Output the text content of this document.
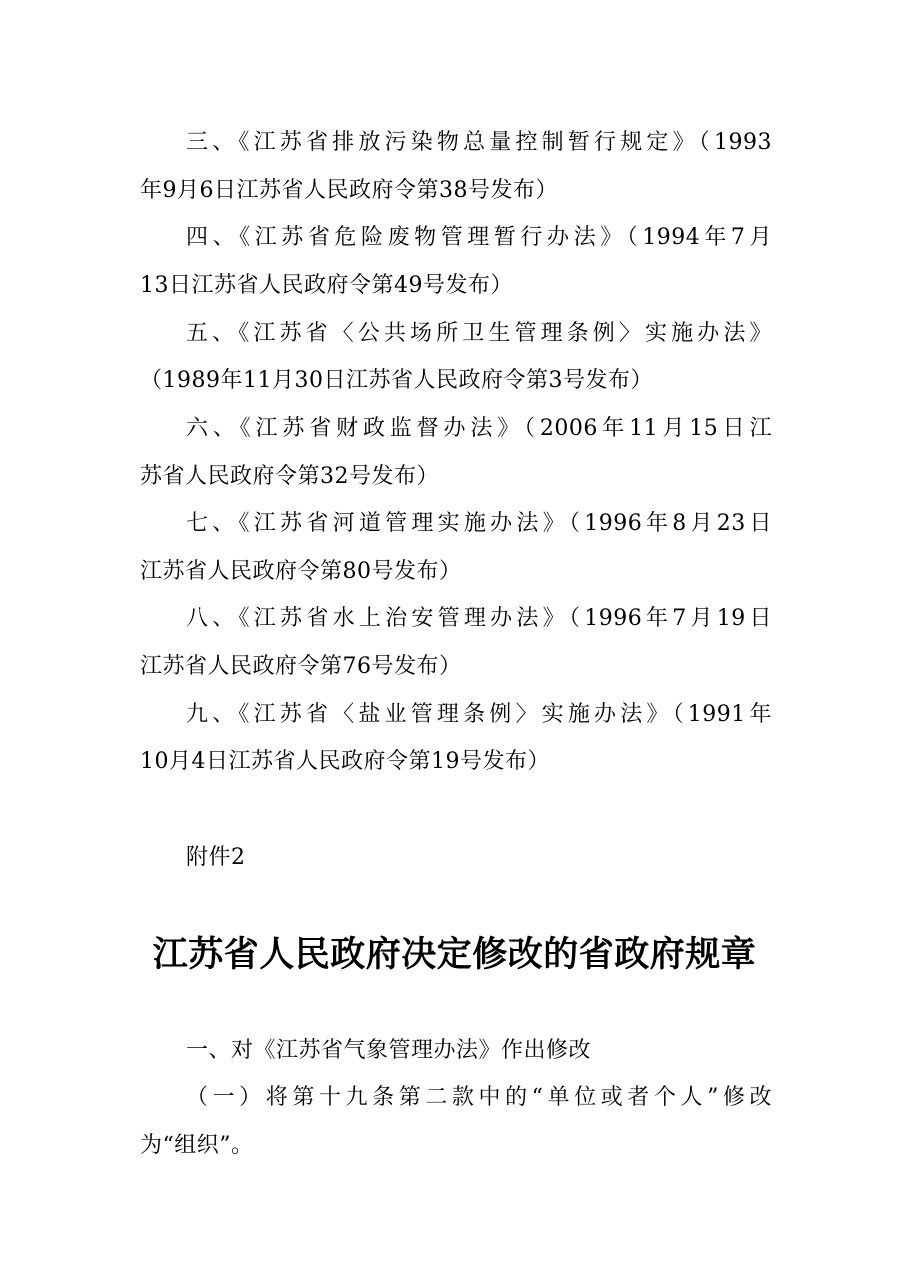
三、《江苏省排放污染物总量控制暂行规定》（1993
年9月6日江苏省人民政府令第38号发布）
四、《江苏省危险废物管理暂行办法》（1994年7月
13日江苏省人民政府令第49号发布）
五、《江苏省〈公共场所卫生管理条例〉实施办法》
（1989年11月30日江苏省人民政府令第3号发布）
六、《江苏省财政监督办法》（2006年11月15日江
苏省人民政府令第32号发布）
七、《江苏省河道管理实施办法》（1996年8月23日
江苏省人民政府令第80号发布）
八、《江苏省水上治安管理办法》（1996年7月19日
江苏省人民政府令第76号发布）
九、《江苏省〈盐业管理条例〉实施办法》（1991年
10月4日江苏省人民政府令第19号发布）
附件2
江苏省人民政府决定修改的省政府规章
一、对《江苏省气象管理办法》作出修改
（一）将第十九条第二款中的“单位或者个人”修改
为“组织”。
